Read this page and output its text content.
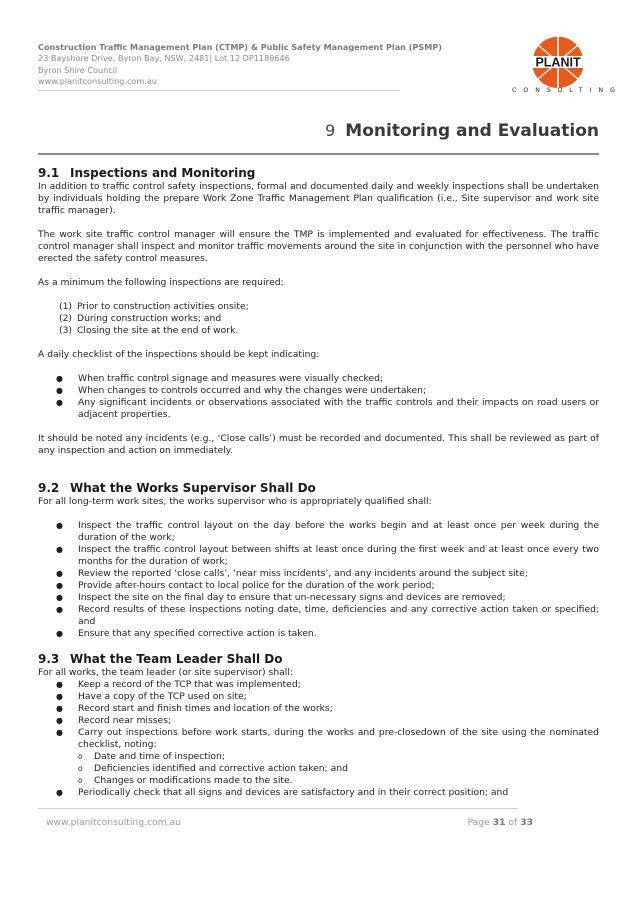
Construction Traffic Management Plan (CTMP) & Public Safety Management Plan (PSMP)
23 Bayshore Drive, Byron Bay, NSW, 2481| Lot 12 DP1189646
Byron Shire Council
www.planitconsulting.com.au
PLANIT
CONSULTING
9 Monitoring and Evaluation
9.1 Inspections and Monitoring

In addition to traffic control safety inspections, formal and documented daily and weekly inspections shall be undertaken by individuals holding the prepare Work Zone Traffic Management Plan qualification (i.e., Site supervisor and work site traffic manager).

The work site traffic control manager will ensure the TMP is implemented and evaluated for effectiveness. The traffic control manager shall inspect and monitor traffic movements around the site in conjunction with the personnel who have erected the safety control measures.

As a minimum the following inspections are required:

(1) Prior to construction activities onsite;
(2) During construction works; and
(3) Closing the site at the end of work.

A daily checklist of the inspections should be kept indicating:

●	When traffic control signage and measures were visually checked;
●	When changes to controls occurred and why the changes were undertaken;
●	Any significant incidents or observations associated with the traffic controls and their impacts on road users or adjacent properties.

It should be noted any incidents (e.g., ‘Close calls’) must be recorded and documented. This shall be reviewed as part of any inspection and action on immediately.

9.2 What the Works Supervisor Shall Do

For all long-term work sites, the works supervisor who is appropriately qualified shall:

●	Inspect the traffic control layout on the day before the works begin and at least once per week during the duration of the work;
●	Inspect the traffic control layout between shifts at least once during the first week and at least once every two months for the duration of work;
●	Review the reported ‘close calls’, ‘near miss incidents’, and any incidents around the subject site;
●	Provide after-hours contact to local police for the duration of the work period;
●	Inspect the site on the final day to ensure that un-necessary signs and devices are removed;
●	Record results of these inspections noting date, time, deficiencies and any corrective action taken or specified; and
●	Ensure that any specified corrective action is taken.
9.3 What the Team Leader Shall Do

For all works, the team leader (or site supervisor) shall:

●	Keep a record of the TCP that was implemented;
●	Have a copy of the TCP used on site;
●	Record start and finish times and location of the works;
●	Record near misses;
●	Carry out inspections before work starts, during the works and pre-closedown of the site using the nominated checklist, noting:
o	Date and time of inspection;
o	Deficiencies identified and corrective action taken; and
o	Changes or modifications made to the site.
●	Periodically check that all signs and devices are satisfactory and in their correct position; and
www.planitconsulting.com.au	Page 31 of 33
